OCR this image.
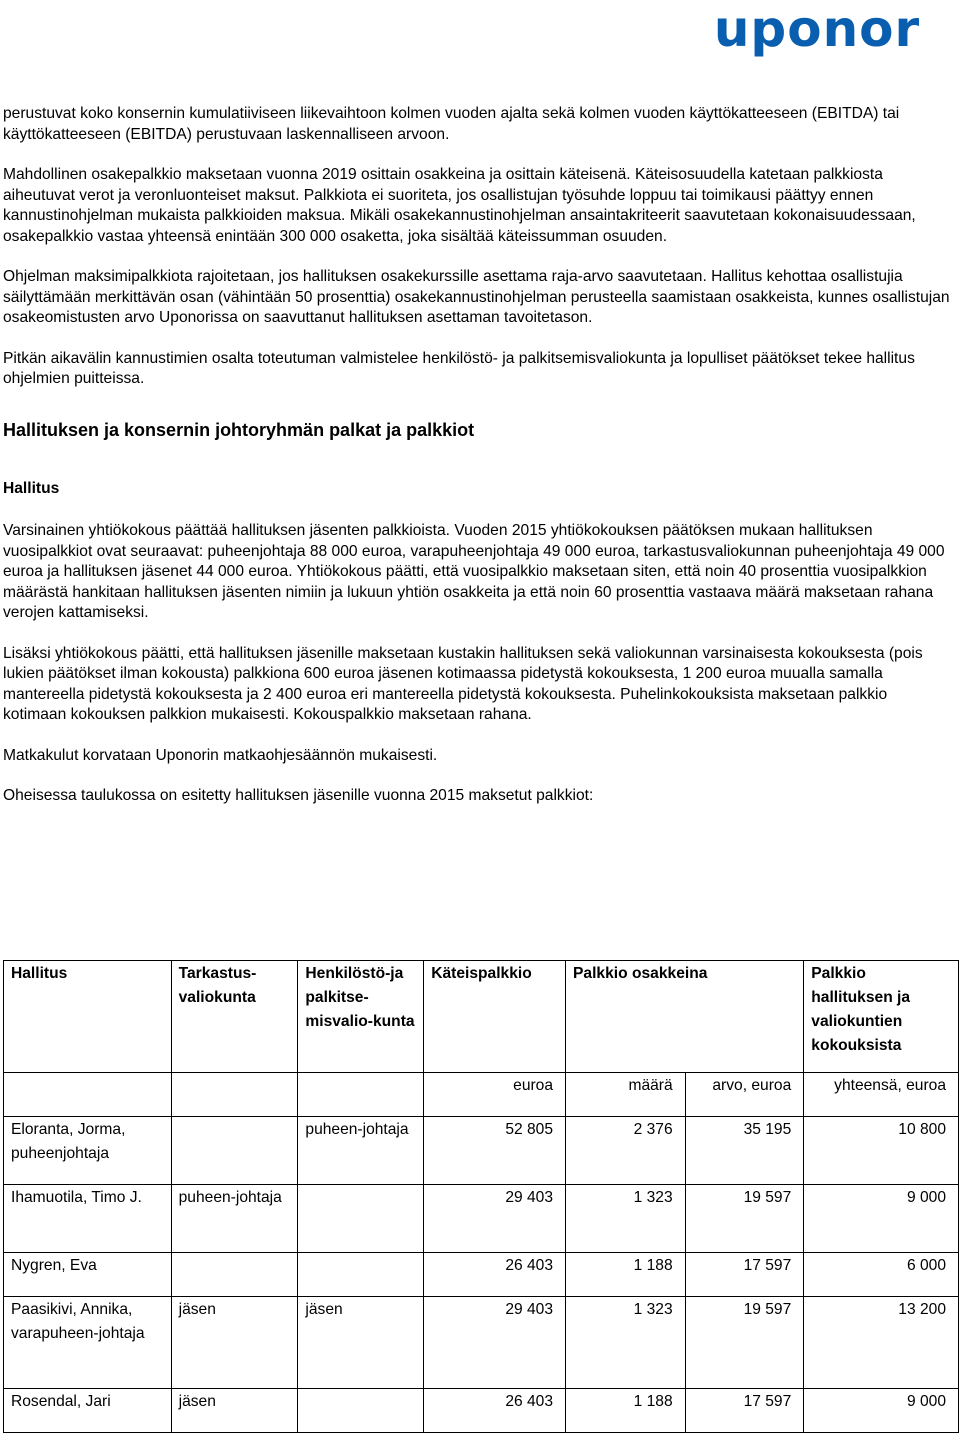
uponor

perustuvat koko konsernin kumulatiiviseen liikevaihtoon kolmen vuoden ajalta sekä kolmen vuoden käyttökatteeseen (EBITDA) tai käyttökatteeseen (EBITDA) perustuvaan laskennalliseen arvoon.

Mahdollinen osakepalkkio maksetaan vuonna 2019 osittain osakkeina ja osittain käteisenä. Käteisosuudella katetaan palkkiosta aiheutuvat verot ja veronluonteiset maksut. Palkkiota ei suoriteta, jos osallistujan työsuhde loppuu tai toimikausi päättyy ennen kannustinohjelman mukaista palkkioiden maksua. Mikäli osakekannustinohjelman ansaintakriteerit saavutetaan kokonaisuudessaan, osakepalkkio vastaa yhteensä enintään 300 000 osaketta, joka sisältää käteissumman osuuden.

Ohjelman maksimipalkkiota rajoitetaan, jos hallituksen osakekurssille asettama raja-arvo saavutetaan. Hallitus kehottaa osallistujia säilyttämään merkittävän osan (vähintään 50 prosenttia) osakekannustinohjelman perusteella saamistaan osakkeista, kunnes osallistujan osakeomistusten arvo Uponorissa on saavuttanut hallituksen asettaman tavoitetason.

Pitkän aikavälin kannustimien osalta toteutuman valmistelee henkilöstö- ja palkitsemisvaliokunta ja lopulliset päätökset tekee hallitus ohjelmien puitteissa.

Hallituksen ja konsernin johtoryhmän palkat ja palkkiot
Hallitus

Varsinainen yhtiökokous päättää hallituksen jäsenten palkkioista. Vuoden 2015 yhtiökokouksen päätöksen mukaan hallituksen vuosipalkkiot ovat seuraavat: puheenjohtaja 88 000 euroa, varapuheenjohtaja 49 000 euroa, tarkastusvaliokunnan puheenjohtaja 49 000 euroa ja hallituksen jäsenet 44 000 euroa. Yhtiökokous päätti, että vuosipalkkio maksetaan siten, että noin 40 prosenttia vuosipalkkion määrästä hankitaan hallituksen jäsenten nimiin ja lukuun yhtiön osakkeita ja että noin 60 prosenttia vastaava määrä maksetaan rahana verojen kattamiseksi.

Lisäksi yhtiökokous päätti, että hallituksen jäsenille maksetaan kustakin hallituksen sekä valiokunnan varsinaisesta kokouksesta (pois lukien päätökset ilman kokousta) palkkiona 600 euroa jäsenen kotimaassa pidetystä kokouksesta, 1 200 euroa muualla samalla mantereella pidetystä kokouksesta ja 2 400 euroa eri mantereella pidetystä kokouksesta. Puhelinkokouksista maksetaan palkkio kotimaan kokouksen palkkion mukaisesti. Kokouspalkkio maksetaan rahana.

Matkakulut korvataan Uponorin matkaohjesäännön mukaisesti.

Oheisessa taulukossa on esitetty hallituksen jäsenille vuonna 2015 maksetut palkkiot:

Hallitus	Tarkastus-valiokunta	Henkilöstö-ja palkitse-misvalio-kunta	Käteispalkkio	Palkkio osakkeina		Palkkio hallituksen ja valiokuntien kokouksista
			euroa	määrä	arvo, euroa	yhteensä, euroa
Eloranta, Jorma, puheenjohtaja		puheen-johtaja	52 805	2 376	35 195	10 800
Ihamuotila, Timo J.	puheen-johtaja		29 403	1 323	19 597	9 000
Nygren, Eva			26 403	1 188	17 597	6 000
Paasikivi, Annika, varapuheen-johtaja	jäsen	jäsen	29 403	1 323	19 597	13 200
Rosendal, Jari	jäsen		26 403	1 188	17 597	9 000
